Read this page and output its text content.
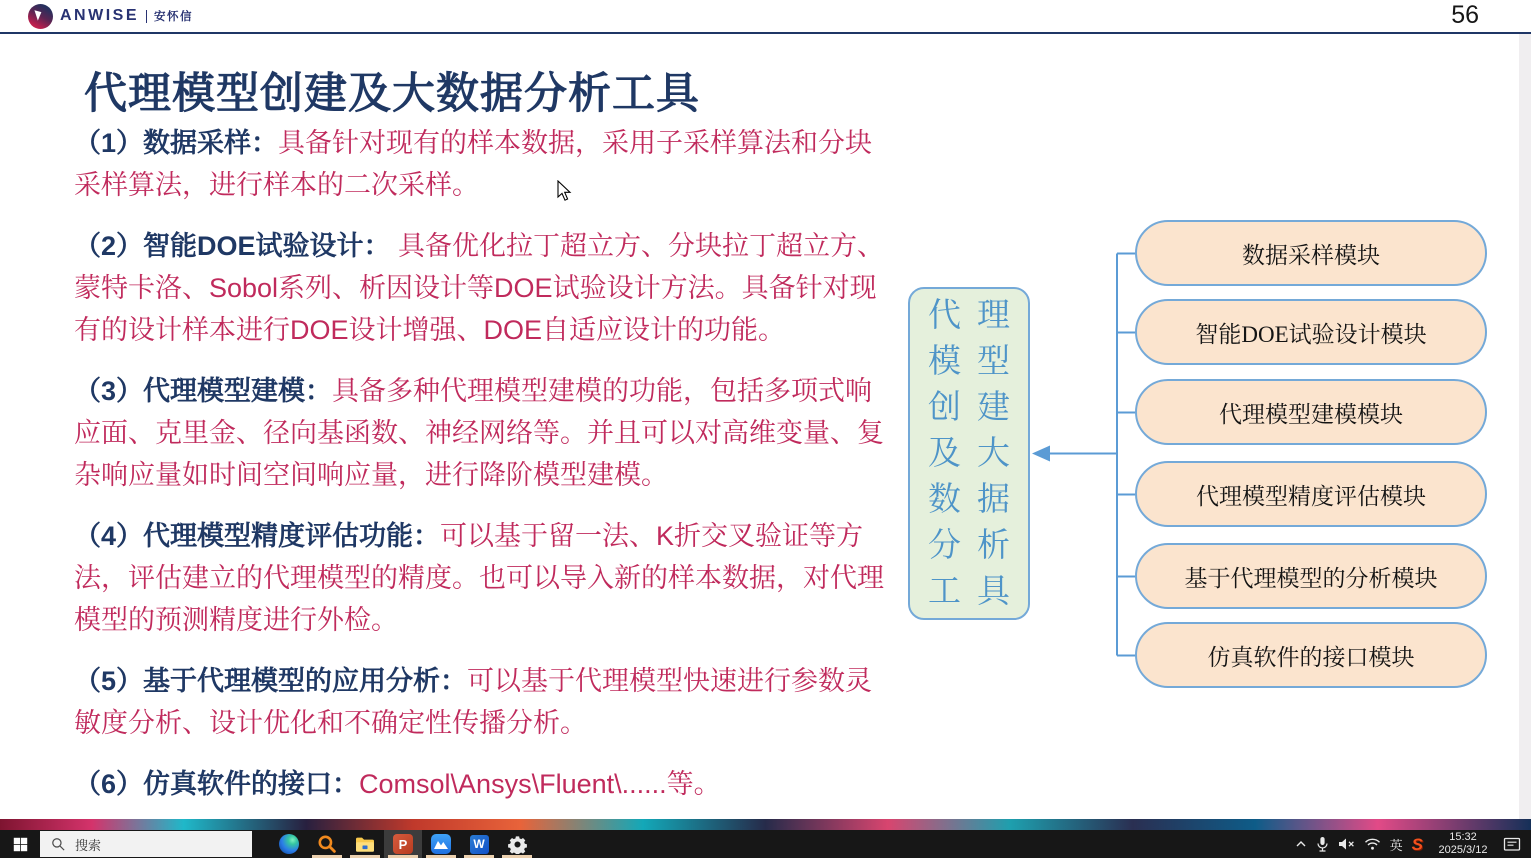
ANWISE 安怀信	56
代理模型创建及大数据分析工具

（1）数据采样：具备针对现有的样本数据，采用子采样算法和分块采样算法，进行样本的二次采样。

（2）智能DOE试验设计： 具备优化拉丁超立方、分块拉丁超立方、蒙特卡洛、Sobol系列、析因设计等DOE试验设计方法。具备针对现有的设计样本进行DOE设计增强、DOE自适应设计的功能。

（3）代理模型建模：具备多种代理模型建模的功能，包括多项式响应面、克里金、径向基函数、神经网络等。并且可以对高维变量、复杂响应量如时间空间响应量，进行降阶模型建模。

（4）代理模型精度评估功能：可以基于留一法、K折交叉验证等方法，评估建立的代理模型的精度。也可以导入新的样本数据，对代理模型的预测精度进行外检。

（5）基于代理模型的应用分析：可以基于代理模型快速进行参数灵敏度分析、设计优化和不确定性传播分析。

（6）仿真软件的接口：Comsol\Ansys\Fluent\......等。

代理
模型
创建
及大
数据
分析
工具
数据采样模块
智能DOE试验设计模块
代理模型建模模块
代理模型精度评估模块
基于代理模型的分析模块
仿真软件的接口模块
搜索	P	W	英 S	15:32
2025/3/12
